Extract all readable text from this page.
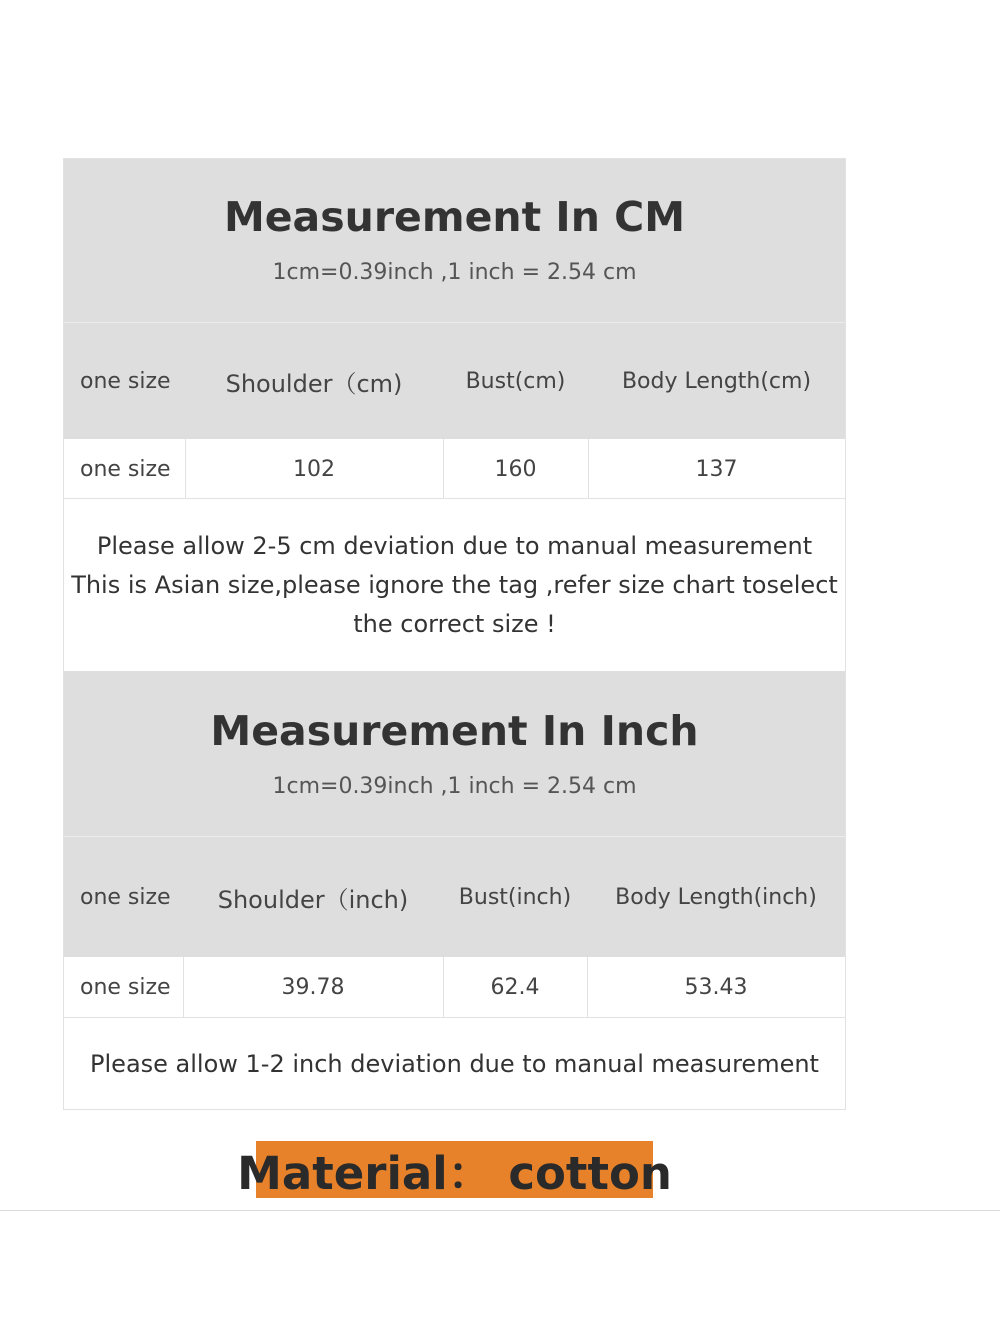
Measurement In CM
1cm=0.39inch ,1 inch = 2.54 cm
one size	Shoulder（cm)	Bust(cm)	Body Length(cm)
one size	102	160	137
Please allow 2-5 cm deviation due to manual measurement
This is Asian size,please ignore the tag ,refer size chart toselect
the correct size !
Measurement In Inch
1cm=0.39inch ,1 inch = 2.54 cm
one size	Shoulder（inch)	Bust(inch)	Body Length(inch)
one size	39.78	62.4	53.43
Please allow 1-2 inch deviation due to manual measurement
Material： cotton
